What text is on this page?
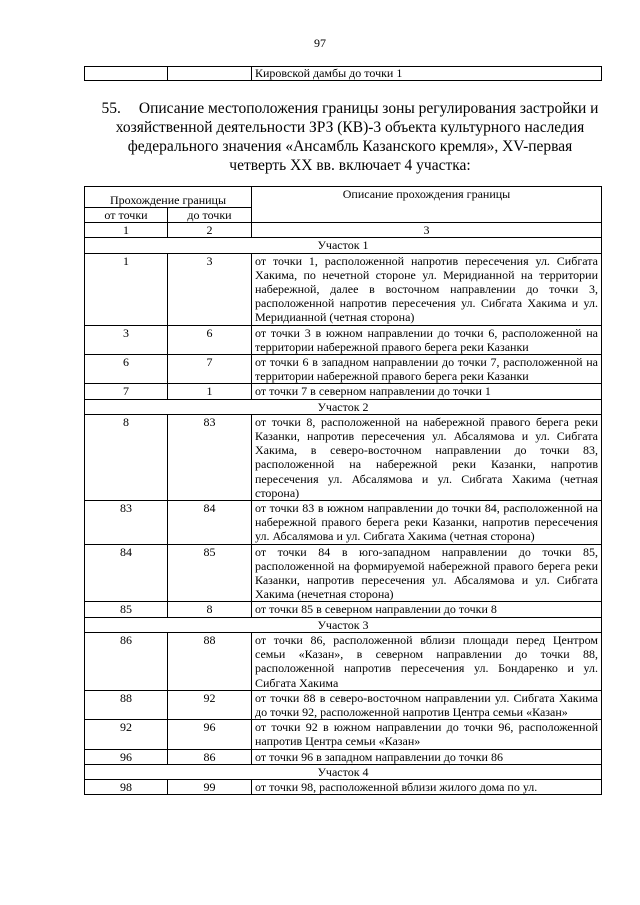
97
		Кировской дамбы до точки 1
55. Описание местоположения границы зоны регулирования застройки и хозяйственной деятельности ЗРЗ (КВ)-3 объекта культурного наследия федерального значения «Ансамбль Казанского кремля», XV-первая четверть XX вв. включает 4 участка:
Прохождение границы		Описание прохождения границы
от точки	до точки	
1	2	3
Участок 1		
1	3	от точки 1, расположенной напротив пересечения ул. Сибгата Хакима, по нечетной стороне ул. Меридианной на территории набережной, далее в восточном направлении до точки 3, расположенной напротив пересечения ул. Сибгата Хакима и ул. Меридианной (четная сторона)
3	6	от точки 3 в южном направлении до точки 6, расположенной на территории набережной правого берега реки Казанки
6	7	от точки 6 в западном направлении до точки 7, расположенной на территории набережной правого берега реки Казанки
7	1	от точки 7 в северном направлении до точки 1
Участок 2		
8	83	от точки 8, расположенной на набережной правого берега реки Казанки, напротив пересечения ул. Абсалямова и ул. Сибгата Хакима, в северо-восточном направлении до точки 83, расположенной на набережной реки Казанки, напротив пересечения ул. Абсалямова и ул. Сибгата Хакима (четная сторона)
83	84	от точки 83 в южном направлении до точки 84, расположенной на набережной правого берега реки Казанки, напротив пересечения ул. Абсалямова и ул. Сибгата Хакима (четная сторона)
84	85	от точки 84 в юго-западном направлении до точки 85, расположенной на формируемой набережной правого берега реки Казанки, напротив пересечения ул. Абсалямова и ул. Сибгата Хакима (нечетная сторона)
85	8	от точки 85 в северном направлении до точки 8
Участок 3		
86	88	от точки 86, расположенной вблизи площади перед Центром семьи «Казан», в северном направлении до точки 88, расположенной напротив пересечения ул. Бондаренко и ул. Сибгата Хакима
88	92	от точки 88 в северо-восточном направлении ул. Сибгата Хакима до точки 92, расположенной напротив Центра семьи «Казан»
92	96	от точки 92 в южном направлении до точки 96, расположенной напротив Центра семьи «Казан»
96	86	от точки 96 в западном направлении до точки 86
Участок 4		
98	99	от точки 98, расположенной вблизи жилого дома по ул.
